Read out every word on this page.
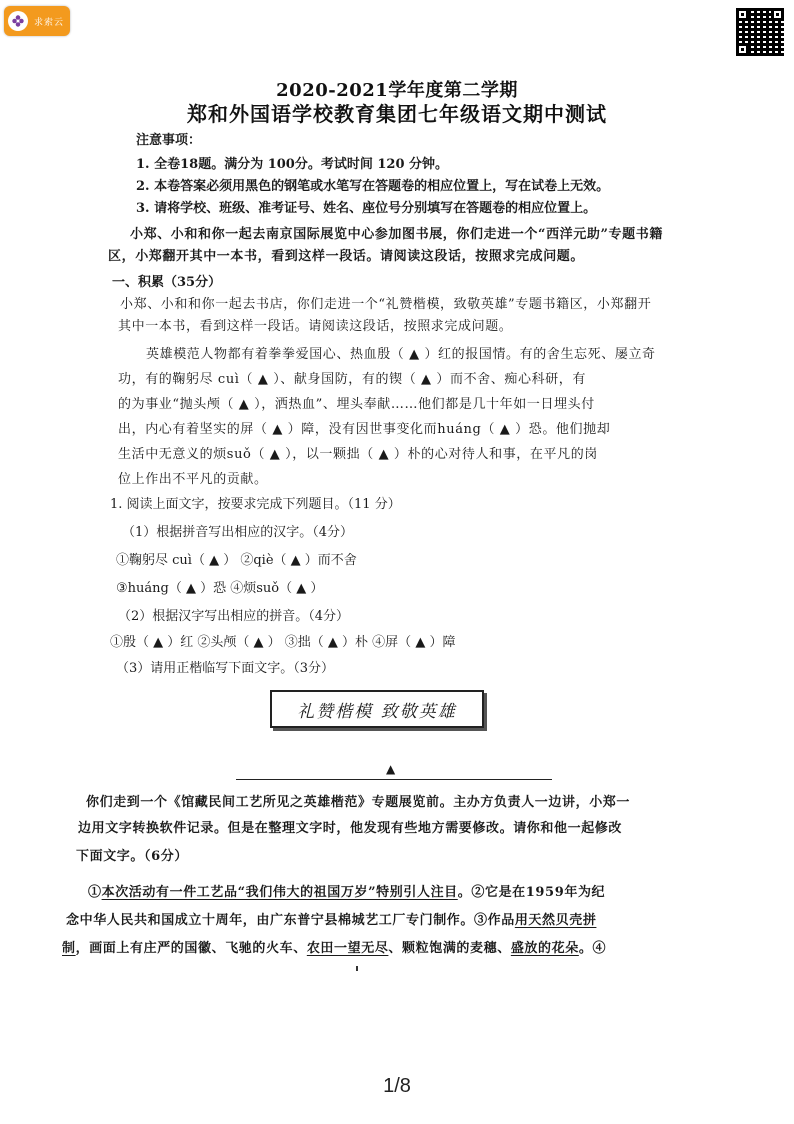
求索云
2020-2021学年度第二学期
郑和外国语学校教育集团七年级语文期中测试
注意事项：
1. 全卷18题。满分为 100分。考试时间 120 分钟。
2. 本卷答案必须用黑色的钢笔或水笔写在答题卷的相应位置上，写在试卷上无效。
3. 请将学校、班级、准考证号、姓名、座位号分别填写在答题卷的相应位置上。
小郑、小和和你一起去南京国际展览中心参加图书展，你们走进一个“西洋元助”专题书籍
区，小郑翻开其中一本书，看到这样一段话。请阅读这段话，按照求完成问题。
一、积累（35分）
小郑、小和和你一起去书店，你们走进一个“礼赞楷模，致敬英雄”专题书籍区，小郑翻开
其中一本书，看到这样一段话。请阅读这段话，按照求完成问题。
英雄模范人物都有着拳拳爱国心、热血殷（ ▲ ）红的报国情。有的舍生忘死、屡立奇
功，有的鞠躬尽 cuì（ ▲ ）、献身国防，有的锲（ ▲ ）而不舍、痴心科研，有
的为事业“抛头颅（ ▲ ），洒热血”、埋头奉献……他们都是几十年如一日埋头付
出，内心有着坚实的屏（ ▲ ）障，没有因世事变化而huáng（ ▲ ）恐。他们抛却
生活中无意义的烦suǒ（ ▲ ），以一颗拙（ ▲ ）朴的心对待人和事，在平凡的岗
位上作出不平凡的贡献。
1. 阅读上面文字，按要求完成下列题目。（11 分）
（1）根据拼音写出相应的汉字。（4分）
①鞠躬尽 cuì（ ▲ ） ②qiè（ ▲ ）而不舍
③huáng（ ▲ ）恐 ④烦suǒ（ ▲ ）
（2）根据汉字写出相应的拼音。（4分）
①殷（ ▲ ）红 ②头颅（ ▲ ） ③拙（ ▲ ）朴 ④屏（ ▲ ）障
（3）请用正楷临写下面文字。（3分）
礼赞楷模 致敬英雄
▲
你们走到一个《馆藏民间工艺所见之英雄楷范》专题展览前。主办方负责人一边讲，小郑一
边用文字转换软件记录。但是在整理文字时，他发现有些地方需要修改。请你和他一起修改
下面文字。（6分）
①本次活动有一件工艺品“我们伟大的祖国万岁”特别引人注目。②它是在1959年为纪
念中华人民共和国成立十周年，由广东普宁县棉城艺工厂专门制作。③作品用天然贝壳拼
制，画面上有庄严的国徽、飞驰的火车、农田一望无尽、颗粒饱满的麦穗、盛放的花朵。④
1/8
